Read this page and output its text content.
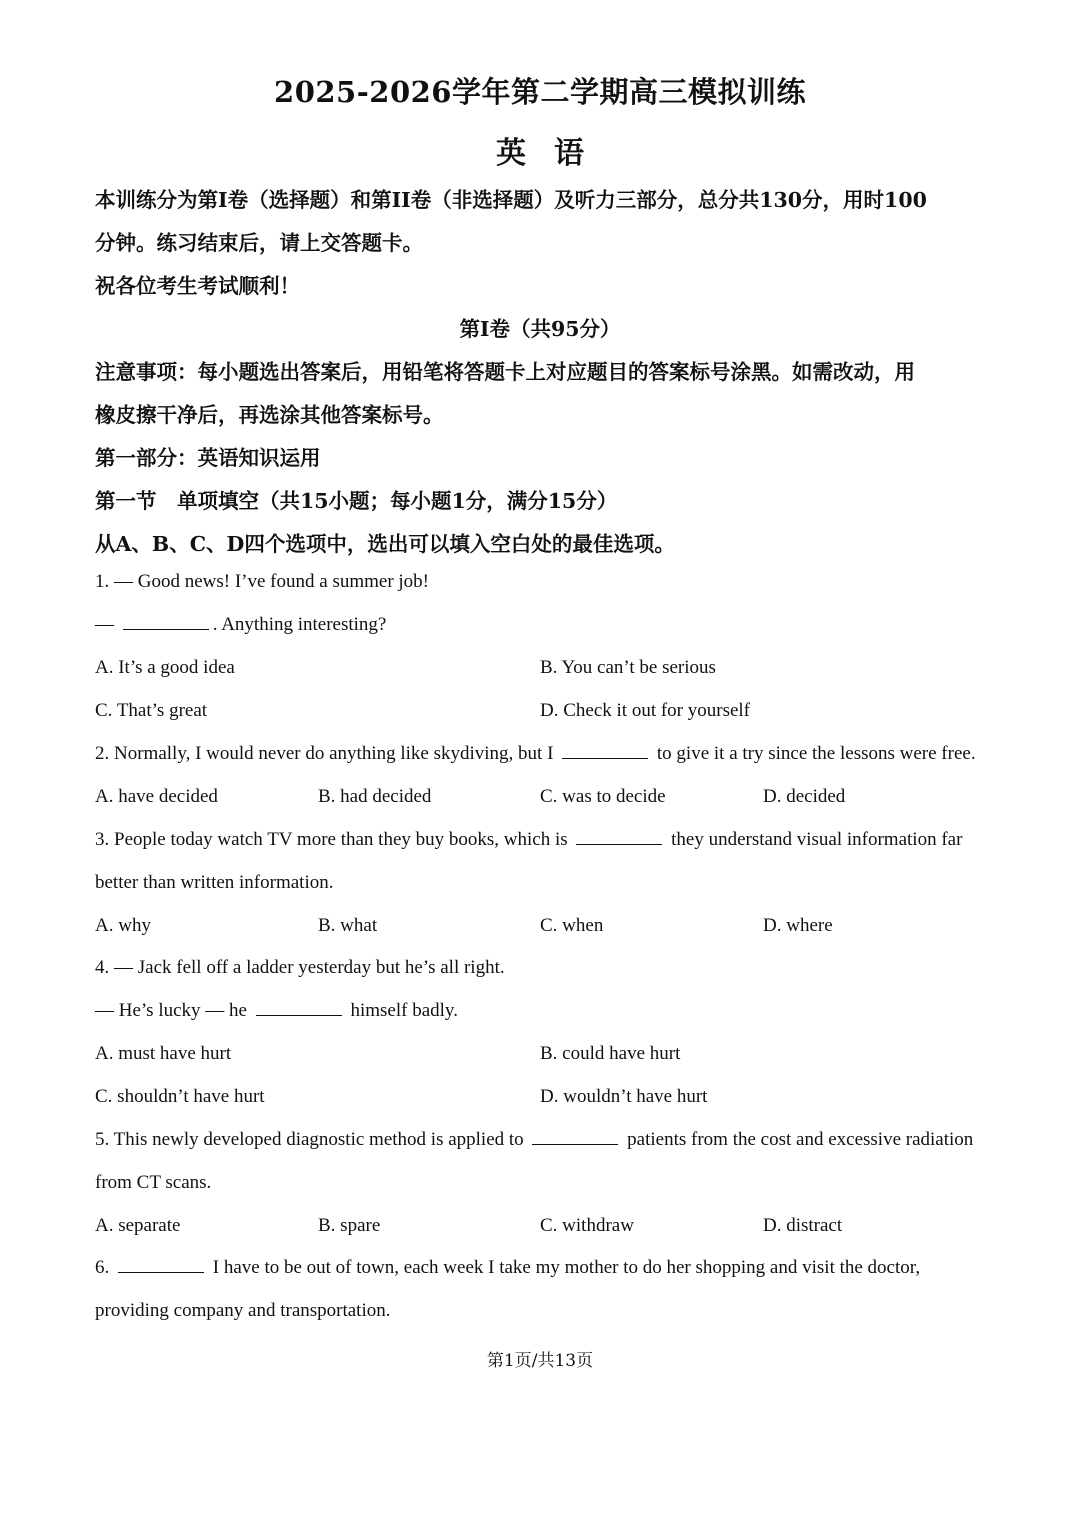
2025-2026学年第二学期高三模拟训练
英语
本训练分为第I卷（选择题）和第II卷（非选择题）及听力三部分，总分共130分，用时100
分钟。练习结束后，请上交答题卡。
祝各位考生考试顺利！
第I卷（共95分）
注意事项：每小题选出答案后，用铅笔将答题卡上对应题目的答案标号涂黑。如需改动，用
橡皮擦干净后，再选涂其他答案标号。
第一部分：英语知识运用
第一节　单项填空（共15小题；每小题1分，满分15分）
从A、B、C、D四个选项中，选出可以填入空白处的最佳选项。
1. — Good news! I’ve found a summer job!
—	. Anything interesting?
A. It’s a good idea	B. You can’t be serious
C. That’s great	D. Check it out for yourself
2. Normally, I would never do anything like skydiving, but I	to give it a try since the lessons were free.
A. have decided	B. had decided	C. was to decide	D. decided
3. People today watch TV more than they buy books, which is	they understand visual information far
better than written information.
A. why	B. what	C. when	D. where
4. — Jack fell off a ladder yesterday but he’s all right.
— He’s lucky — he	himself badly.
A. must have hurt	B. could have hurt
C. shouldn’t have hurt	D. wouldn’t have hurt
5. This newly developed diagnostic method is applied to	patients from the cost and excessive radiation
from CT scans.
A. separate	B. spare	C. withdraw	D. distract
6.	I have to be out of town, each week I take my mother to do her shopping and visit the doctor,
providing company and transportation.
第1页/共13页
